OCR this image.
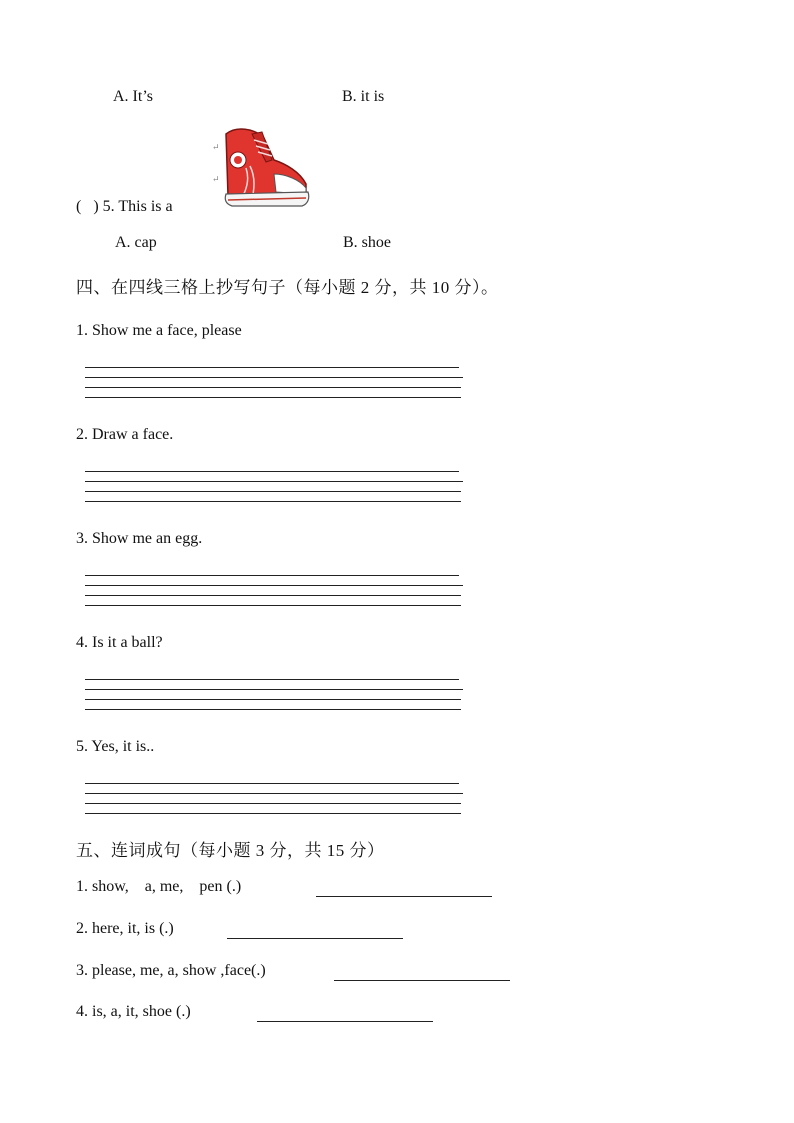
A. It’s	B. it is
↵
↵
( ) 5. This is a
A. cap	B. shoe
四、在四线三格上抄写句子（每小题 2 分，共 10 分）。
1. Show me a face, please
2. Draw a face.
3. Show me an egg.
4. Is it a ball?
5. Yes, it is..
五、连词成句（每小题 3 分，共 15 分）
1. show,    a, me,    pen (.)
2. here, it, is (.)
3. please, me, a, show ,face(.)
4. is, a, it, shoe (.)
